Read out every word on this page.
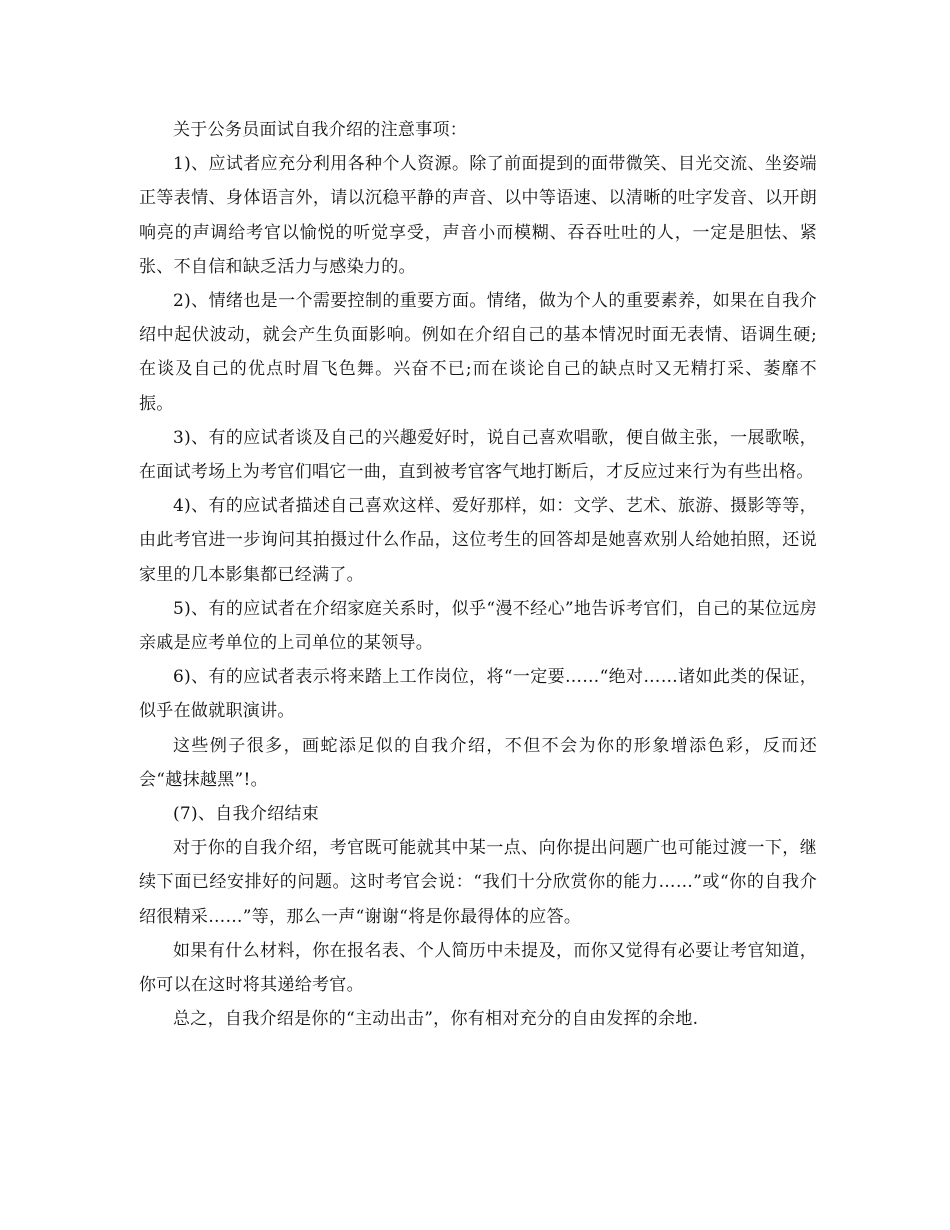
关于公务员面试自我介绍的注意事项：

1)、应试者应充分利用各种个人资源。除了前面提到的面带微笑、目光交流、坐姿端正等表情、身体语言外，请以沉稳平静的声音、以中等语速、以清晰的吐字发音、以开朗响亮的声调给考官以愉悦的听觉享受，声音小而模糊、吞吞吐吐的人，一定是胆怯、紧张、不自信和缺乏活力与感染力的。

2)、情绪也是一个需要控制的重要方面。情绪，做为个人的重要素养，如果在自我介绍中起伏波动，就会产生负面影响。例如在介绍自己的基本情况时面无表情、语调生硬;在谈及自己的优点时眉飞色舞。兴奋不已;而在谈论自己的缺点时又无精打采、萎靡不振。

3)、有的应试者谈及自己的兴趣爱好时，说自己喜欢唱歌，便自做主张，一展歌喉，在面试考场上为考官们唱它一曲，直到被考官客气地打断后，才反应过来行为有些出格。

4)、有的应试者描述自己喜欢这样、爱好那样，如：文学、艺术、旅游、摄影等等，由此考官进一步询问其拍摄过什么作品，这位考生的回答却是她喜欢别人给她拍照，还说家里的几本影集都已经满了。

5)、有的应试者在介绍家庭关系时，似乎“漫不经心”地告诉考官们，自己的某位远房亲戚是应考单位的上司单位的某领导。

6)、有的应试者表示将来踏上工作岗位，将“一定要……“绝对……诸如此类的保证，似乎在做就职演讲。

这些例子很多，画蛇添足似的自我介绍，不但不会为你的形象增添色彩，反而还会“越抹越黑”!。

(7)、自我介绍结束

对于你的自我介绍，考官既可能就其中某一点、向你提出问题广也可能过渡一下，继续下面已经安排好的问题。这时考官会说：“我们十分欣赏你的能力……”或“你的自我介绍很精采……”等，那么一声“谢谢“将是你最得体的应答。

如果有什么材料，你在报名表、个人简历中未提及，而你又觉得有必要让考官知道，你可以在这时将其递给考官。

总之，自我介绍是你的“主动出击”，你有相对充分的自由发挥的余地.
